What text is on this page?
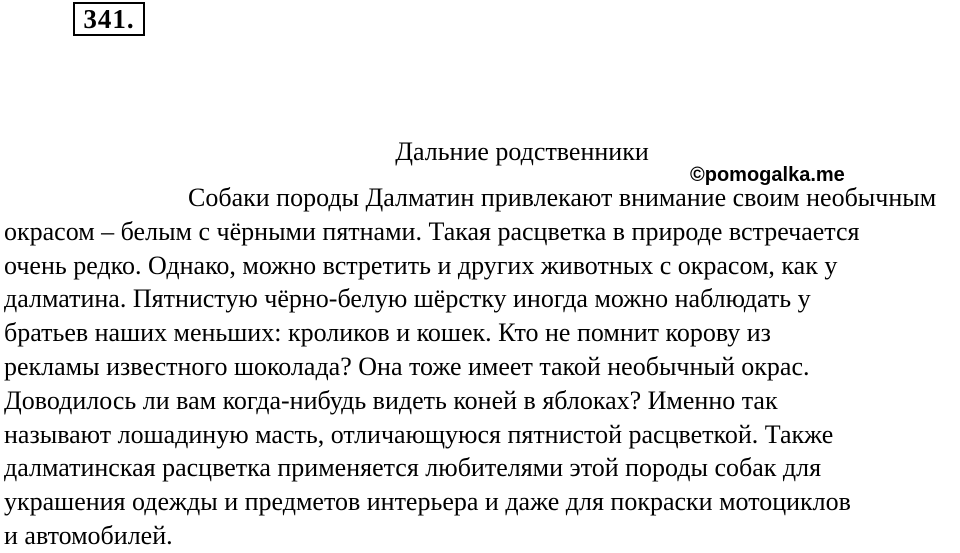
341.
Дальние родственники
©pomogalka.me
Собаки породы Далматин привлекают внимание своим необычным
окрасом – белым с чёрными пятнами. Такая расцветка в природе встречается
очень редко. Однако, можно встретить и других животных с окрасом, как у
далматина. Пятнистую чёрно-белую шёрстку иногда можно наблюдать у
братьев наших меньших: кроликов и кошек. Кто не помнит корову из
рекламы известного шоколада? Она тоже имеет такой необычный окрас.
Доводилось ли вам когда-нибудь видеть коней в яблоках? Именно так
называют лошадиную масть, отличающуюся пятнистой расцветкой. Также
далматинская расцветка применяется любителями этой породы собак для
украшения одежды и предметов интерьера и даже для покраски мотоциклов
и автомобилей.
